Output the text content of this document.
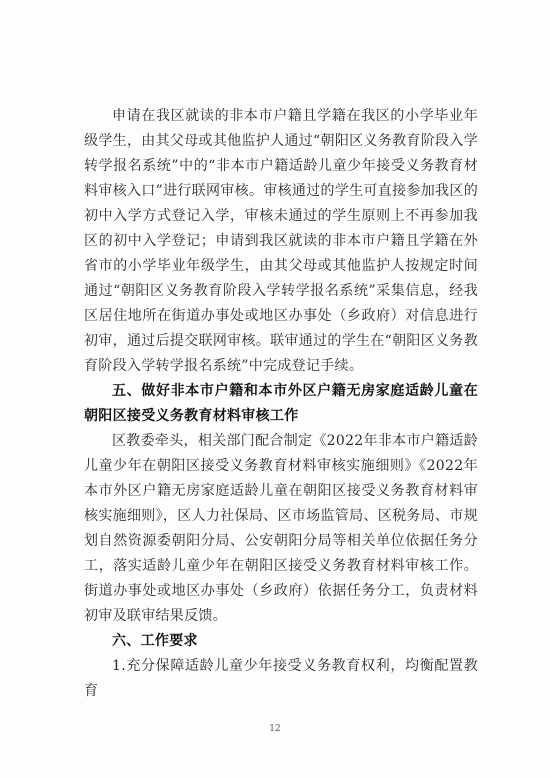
申请在我区就读的非本市户籍且学籍在我区的小学毕业年级学生，由其父母或其他监护人通过“朝阳区义务教育阶段入学转学报名系统”中的“非本市户籍适龄儿童少年接受义务教育材料审核入口”进行联网审核。审核通过的学生可直接参加我区的初中入学方式登记入学，审核未通过的学生原则上不再参加我区的初中入学登记；申请到我区就读的非本市户籍且学籍在外省市的小学毕业年级学生，由其父母或其他监护人按规定时间通过“朝阳区义务教育阶段入学转学报名系统”采集信息，经我区居住地所在街道办事处或地区办事处（乡政府）对信息进行初审，通过后提交联网审核。联审通过的学生在“朝阳区义务教育阶段入学转学报名系统”中完成登记手续。

五、做好非本市户籍和本市外区户籍无房家庭适龄儿童在朝阳区接受义务教育材料审核工作

区教委牵头，相关部门配合制定《2022年非本市户籍适龄儿童少年在朝阳区接受义务教育材料审核实施细则》《2022年本市外区户籍无房家庭适龄儿童在朝阳区接受义务教育材料审核实施细则》，区人力社保局、区市场监管局、区税务局、市规划自然资源委朝阳分局、公安朝阳分局等相关单位依据任务分工，落实适龄儿童少年在朝阳区接受义务教育材料审核工作。街道办事处或地区办事处（乡政府）依据任务分工，负责材料初审及联审结果反馈。

六、工作要求

1.充分保障适龄儿童少年接受义务教育权利，均衡配置教育

12
